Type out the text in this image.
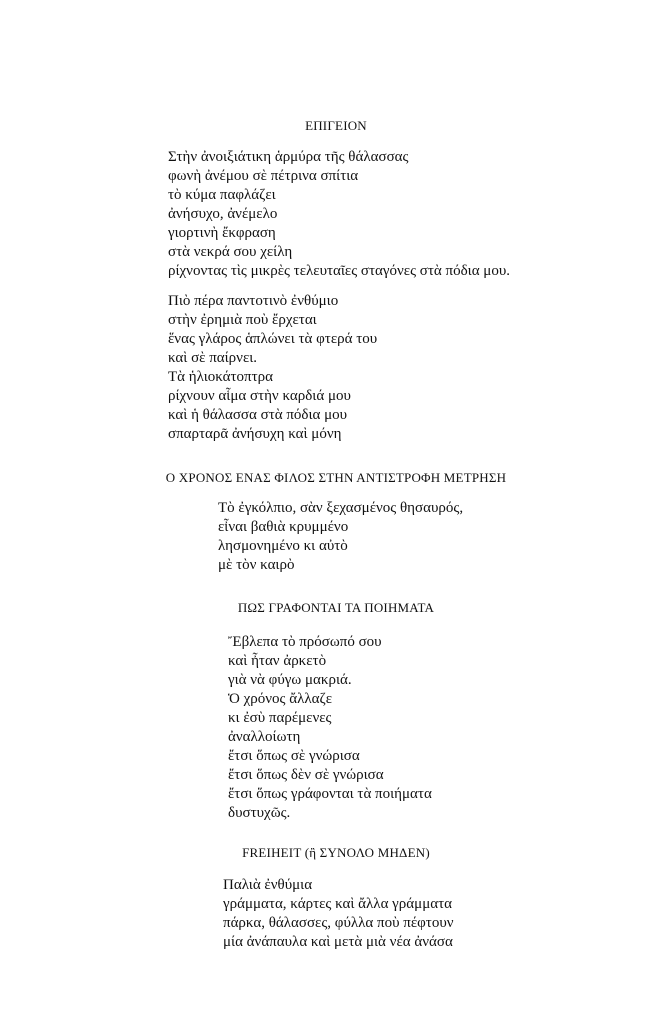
ΕΠΙΓΕΙΟΝ
Στὴν ἀνοιξιάτικη ἁρμύρα τῆς θάλασσας
φωνὴ ἀνέμου σὲ πέτρινα σπίτια
τὸ κύμα παφλάζει
ἀνήσυχο, ἀνέμελο
γιορτινὴ ἔκφραση
στὰ νεκρά σου χείλη
ρίχνοντας τὶς μικρὲς τελευταῖες σταγόνες στὰ πόδια μου.
Πιὸ πέρα παντοτινὸ ἐνθύμιο
στὴν ἐρημιὰ ποὺ ἔρχεται
ἕνας γλάρος ἁπλώνει τὰ φτερά του
καὶ σὲ παίρνει.
Τὰ ἡλιοκάτοπτρα
ρίχνουν αἷμα στὴν καρδιά μου
καὶ ἡ θάλασσα στὰ πόδια μου
σπαρταρᾶ ἀνήσυχη καὶ μόνη
Ο ΧΡΟΝΟΣ ΕΝΑΣ ΦΙΛΟΣ ΣΤΗΝ ΑΝΤΙΣΤΡΟΦΗ ΜΕΤΡΗΣΗ
Τὸ ἐγκόλπιο, σὰν ξεχασμένος θησαυρός,
εἶναι βαθιὰ κρυμμένο
λησμονημένο κι αὐτὸ
μὲ τὸν καιρὸ
ΠΩΣ ΓΡΑΦΟΝΤΑΙ ΤΑ ΠΟΙΗΜΑΤΑ
Ἔβλεπα τὸ πρόσωπό σου
καὶ ἦταν ἀρκετὸ
γιὰ νὰ φύγω μακριά.
Ὁ χρόνος ἄλλαζε
κι ἐσὺ παρέμενες
ἀναλλοίωτη
ἔτσι ὅπως σὲ γνώρισα
ἔτσι ὅπως δὲν σὲ γνώρισα
ἔτσι ὅπως γράφονται τὰ ποιήματα
δυστυχῶς.
FREIHEIT (ἢ ΣΥΝΟΛΟ ΜΗΔΕΝ)
Παλιὰ ἐνθύμια
γράμματα, κάρτες καὶ ἄλλα γράμματα
πάρκα, θάλασσες, φύλλα ποὺ πέφτουν
μία ἀνάπαυλα καὶ μετὰ μιὰ νέα ἀνάσα
